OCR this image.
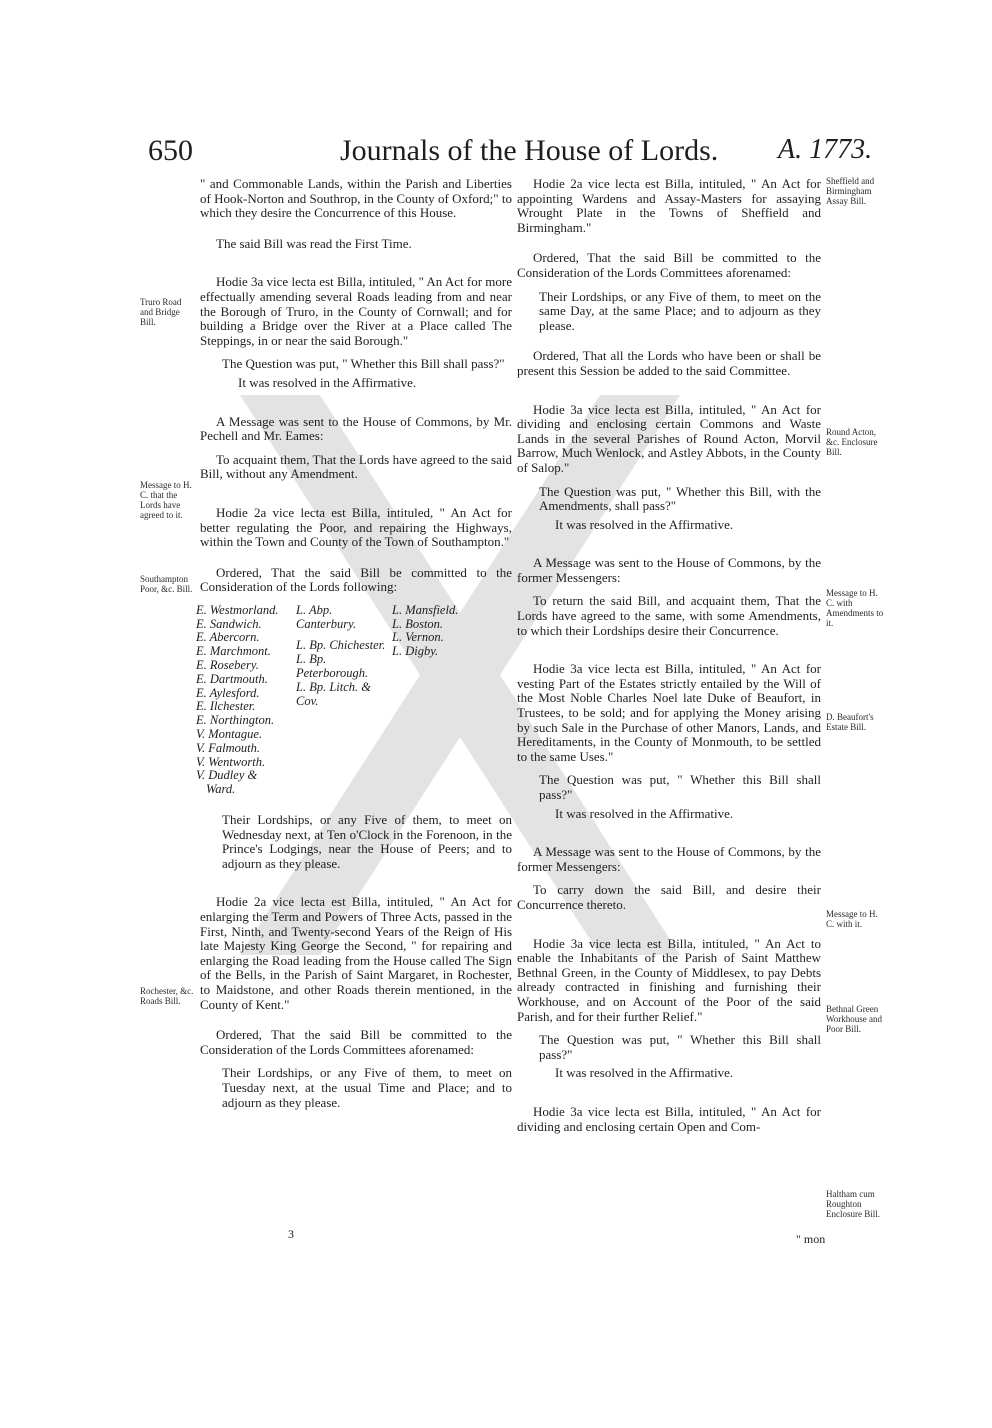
650	Journals of the House of Lords. A. 1773.
Truro Road and Bridge Bill.
Message to H. C. that the Lords have agreed to it.
Southampton Poor, &c. Bill.
Rochester, &c. Roads Bill.
Sheffield and Birmingham Assay Bill.
Round Acton, &c. Enclosure Bill.
Message to H. C. with Amendments to it.
D. Beaufort's Estate Bill.
Message to H. C. with it.
Bethnal Green Workhouse and Poor Bill.
Haltham cum Roughton Enclosure Bill.

" and Commonable Lands, within the Parish and Liberties of Hook-Norton and Southrop, in the County of Oxford;" to which they desire the Concurrence of this House.

The said Bill was read the First Time.

Hodie 3a vice lecta est Billa, intituled, " An Act for more effectually amending several Roads leading from and near the Borough of Truro, in the County of Cornwall; and for building a Bridge over the River at a Place called The Steppings, in or near the said Borough."

The Question was put, " Whether this Bill shall pass?"

It was resolved in the Affirmative.

A Message was sent to the House of Commons, by Mr. Pechell and Mr. Eames:

To acquaint them, That the Lords have agreed to the said Bill, without any Amendment.

Hodie 2a vice lecta est Billa, intituled, " An Act for better regulating the Poor, and repairing the Highways, within the Town and County of the Town of Southampton."

Ordered, That the said Bill be committed to the Consideration of the Lords following:

E. Westmorland.
E. Sandwich.
E. Abercorn.
E. Marchmont.
E. Rosebery.
E. Dartmouth.
E. Aylesford.
E. Ilchester.
E. Northington.
V. Montague.
V. Falmouth.
V. Wentworth.
V. Dudley &
Ward.
L. Abp. Canterbury.
L. Bp. Chichester.
L. Bp. Peterborough.
L. Bp. Litch. & Cov.
L. Mansfield.
L. Boston.
L. Vernon.
L. Digby.

Their Lordships, or any Five of them, to meet on Wednesday next, at Ten o'Clock in the Forenoon, in the Prince's Lodgings, near the House of Peers; and to adjourn as they please.

Hodie 2a vice lecta est Billa, intituled, " An Act for enlarging the Term and Powers of Three Acts, passed in the First, Ninth, and Twenty-second Years of the Reign of His late Majesty King George the Second, " for repairing and enlarging the Road leading from the House called The Sign of the Bells, in the Parish of Saint Margaret, in Rochester, to Maidstone, and other Roads therein mentioned, in the County of Kent."

Ordered, That the said Bill be committed to the Consideration of the Lords Committees aforenamed:

Their Lordships, or any Five of them, to meet on Tuesday next, at the usual Time and Place; and to adjourn as they please.

Hodie 2a vice lecta est Billa, intituled, " An Act for appointing Wardens and Assay-Masters for assaying Wrought Plate in the Towns of Sheffield and Birmingham."

Ordered, That the said Bill be committed to the Consideration of the Lords Committees aforenamed:

Their Lordships, or any Five of them, to meet on the same Day, at the same Place; and to adjourn as they please.

Ordered, That all the Lords who have been or shall be present this Session be added to the said Committee.

Hodie 3a vice lecta est Billa, intituled, " An Act for dividing and enclosing certain Commons and Waste Lands in the several Parishes of Round Acton, Morvil Barrow, Much Wenlock, and Astley Abbots, in the County of Salop."

The Question was put, " Whether this Bill, with the Amendments, shall pass?"

It was resolved in the Affirmative.

A Message was sent to the House of Commons, by the former Messengers:

To return the said Bill, and acquaint them, That the Lords have agreed to the same, with some Amendments, to which their Lordships desire their Concurrence.

Hodie 3a vice lecta est Billa, intituled, " An Act for vesting Part of the Estates strictly entailed by the Will of the Most Noble Charles Noel late Duke of Beaufort, in Trustees, to be sold; and for applying the Money arising by such Sale in the Purchase of other Manors, Lands, and Hereditaments, in the County of Monmouth, to be settled to the same Uses."

The Question was put, " Whether this Bill shall pass?"

It was resolved in the Affirmative.

A Message was sent to the House of Commons, by the former Messengers:

To carry down the said Bill, and desire their Concurrence thereto.

Hodie 3a vice lecta est Billa, intituled, " An Act to enable the Inhabitants of the Parish of Saint Matthew Bethnal Green, in the County of Middlesex, to pay Debts already contracted in finishing and furnishing their Workhouse, and on Account of the Poor of the said Parish, and for their further Relief."

The Question was put, " Whether this Bill shall pass?"

It was resolved in the Affirmative.

Hodie 3a vice lecta est Billa, intituled, " An Act for dividing and enclosing certain Open and Com-

3	" mon
